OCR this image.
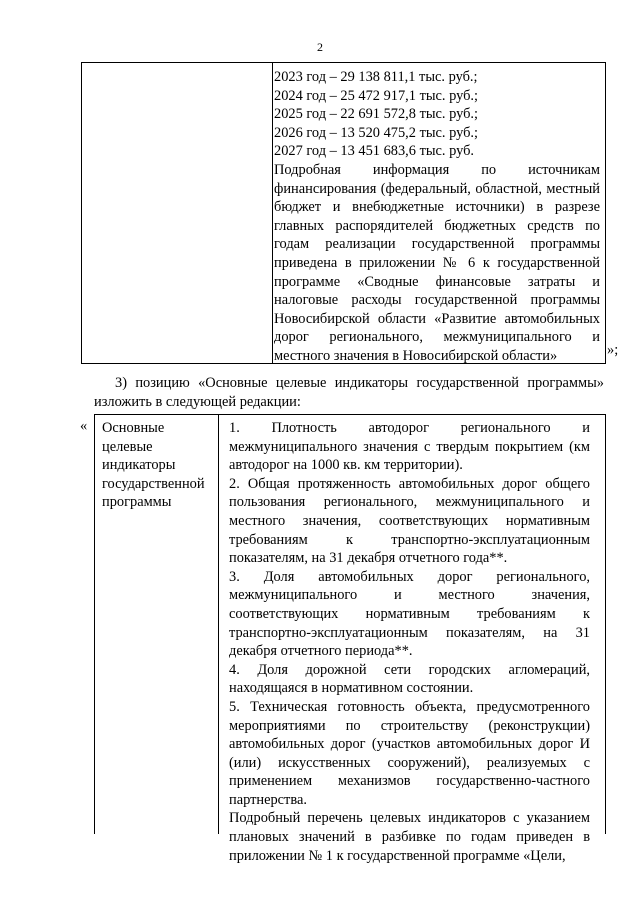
2
2023 год – 29 138 811,1 тыс. руб.;
2024 год – 25 472 917,1 тыс. руб.;
2025 год – 22 691 572,8 тыс. руб.;
2026 год – 13 520 475,2 тыс. руб.;
2027 год – 13 451 683,6 тыс. руб.
Подробная информация по источникам финансирования (федеральный, областной, местный бюджет и внебюджетные источники) в разрезе главных распорядителей бюджетных средств по годам реализации государственной программы приведена в приложении № 6 к государственной программе «Сводные финансовые затраты и налоговые расходы государственной программы Новосибирской области «Развитие автомобильных дорог регионального, межмуниципального и местного значения в Новосибирской области»	»;
3) позицию «Основные целевые индикаторы государственной программы» изложить в следующей редакции:
« Основные целевые индикаторы государственной программы

1. Плотность автодорог регионального и межмуниципального значения с твердым покрытием (км автодорог на 1000 кв. км территории).

2. Общая протяженность автомобильных дорог общего пользования регионального, межмуниципального и местного значения, соответствующих нормативным требованиям к транспортно-эксплуатационным показателям, на 31 декабря отчетного года**.

3. Доля автомобильных дорог регионального, межмуниципального и местного значения, соответствующих нормативным требованиям к транспортно-эксплуатационным показателям, на 31 декабря отчетного периода**.

4. Доля дорожной сети городских агломераций, находящаяся в нормативном состоянии.

5. Техническая готовность объекта, предусмотренного мероприятиями по строительству (реконструкции) автомобильных дорог (участков автомобильных дорог И (или) искусственных сооружений), реализуемых с применением механизмов государственно-частного партнерства.

Подробный перечень целевых индикаторов с указанием плановых значений в разбивке по годам приведен в приложении № 1 к государственной программе «Цели,
